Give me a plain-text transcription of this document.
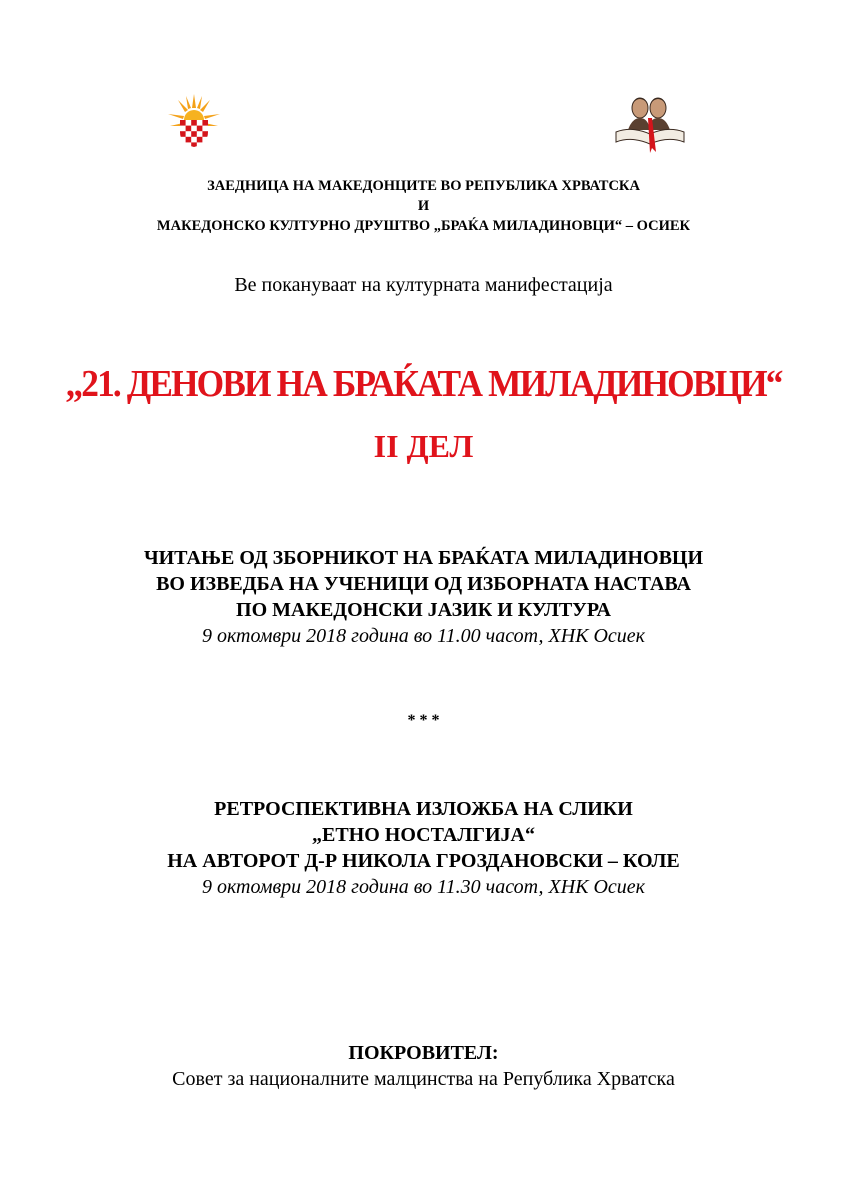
ЗАЕДНИЦА НА МАКЕДОНЦИТЕ ВО РЕПУБЛИКА ХРВАТСКА
И
МАКЕДОНСКО КУЛТУРНО ДРУШТВО „БРАЌА МИЛАДИНОВЦИ“ – ОСИЕК
Ве покануваат на културната манифестација
„21. ДЕНОВИ НА БРАЌАТА МИЛАДИНОВЦИ“
II ДЕЛ
ЧИТАЊЕ ОД ЗБОРНИКОТ НА БРАЌАТА МИЛАДИНОВЦИ
ВО ИЗВЕДБА НА УЧЕНИЦИ ОД ИЗБОРНАТА НАСТАВА
ПО МАКЕДОНСКИ ЈАЗИК И КУЛТУРА
9 октомври 2018 година во 11.00 часот, ХНК Осиек
* * *
РЕТРОСПЕКТИВНА ИЗЛОЖБА НА СЛИКИ
„ЕТНО НОСТАЛГИЈА“
НА АВТОРОТ Д-Р НИКОЛА ГРОЗДАНОВСКИ – КОЛЕ
9 октомври 2018 година во 11.30 часот, ХНК Осиек
ПОКРОВИТЕЛ:
Совет за националните малцинства на Република Хрватска
